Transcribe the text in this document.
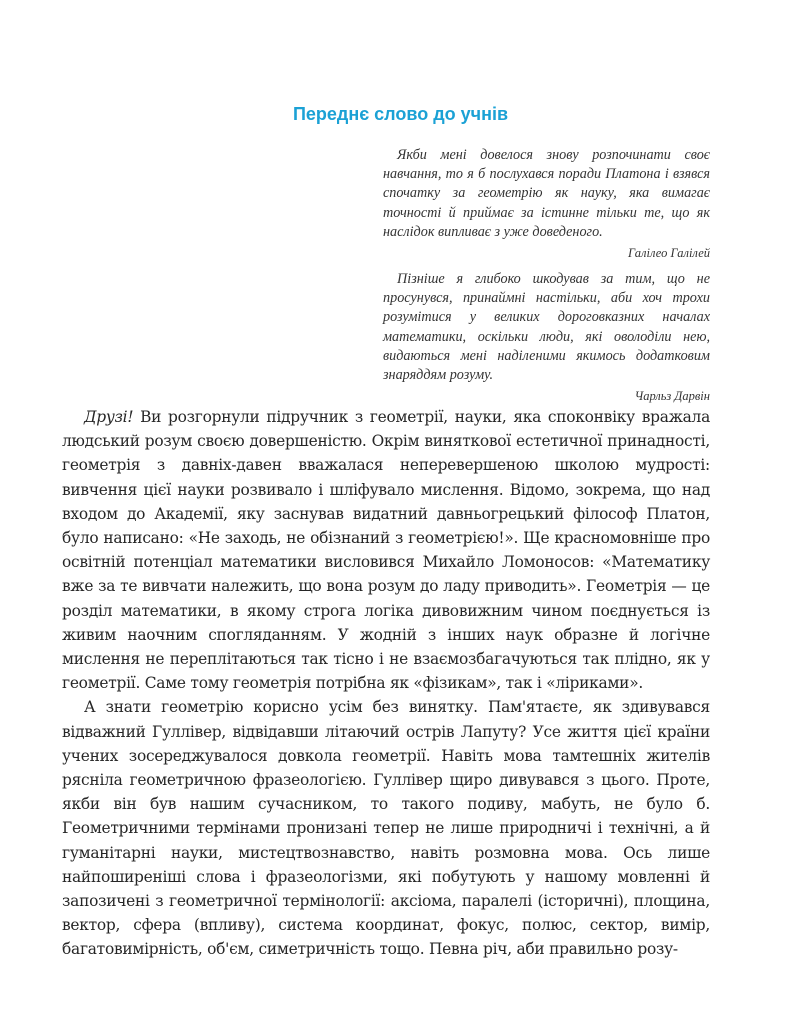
Переднє слово до учнів

Якби мені довелося знову розпочинати своє навчання, то я б послухався поради Платона і взявся спочатку за геометрію як науку, яка вимагає точності й приймає за істинне тільки те, що як наслідок випливає з уже доведеного.

Галілео Галілей

Пізніше я глибоко шкодував за тим, що не просунувся, принаймні настільки, аби хоч трохи розумітися у великих дороговказних началах математики, оскільки люди, які оволоділи нею, видаються мені наділеними якимось додатковим знаряддям розуму.

Чарльз Дарвін

Друзі! Ви розгорнули підручник з геометрії, науки, яка споконвіку вражала людський розум своєю довершеністю. Окрім виняткової естетичної принадності, геометрія з давніх-давен вважалася неперевершеною школою мудрості: вивчення цієї науки розвивало і шліфувало мислення. Відомо, зокрема, що над входом до Академії, яку заснував видатний давньогрецький філософ Платон, було написано: «Не заходь, не обізнаний з геометрією!». Ще красномовніше про освітній потенціал математики висловився Михайло Ломоносов: «Математику вже за те вивчати належить, що вона розум до ладу приводить». Геометрія — це розділ математики, в якому строга логіка дивовижним чином поєднується із живим наочним спогляданням. У жодній з інших наук образне й логічне мислення не переплітаються так тісно і не взаємозбагачуються так плідно, як у геометрії. Саме тому геометрія потрібна як «фізикам», так і «ліриками».

А знати геометрію корисно усім без винятку. Пам'ятаєте, як здивувався відважний Гуллівер, відвідавши літаючий острів Лапуту? Усе життя цієї країни учених зосереджувалося довкола геометрії. Навіть мова тамтешніх жителів рясніла геометричною фразеологією. Гуллівер щиро дивувався з цього. Проте, якби він був нашим сучасником, то такого подиву, мабуть, не було б. Геометричними термінами пронизані тепер не лише природничі і технічні, а й гуманітарні науки, мистецтвознавство, навіть розмовна мова. Ось лише найпоширеніші слова і фразеологізми, які побутують у нашому мовленні й запозичені з геометричної термінології: аксіома, паралелі (історичні), площина, вектор, сфера (впливу), система координат, фокус, полюс, сектор, вимір, багатовимірність, об'єм, симетричність тощо. Певна річ, аби правильно розу-
